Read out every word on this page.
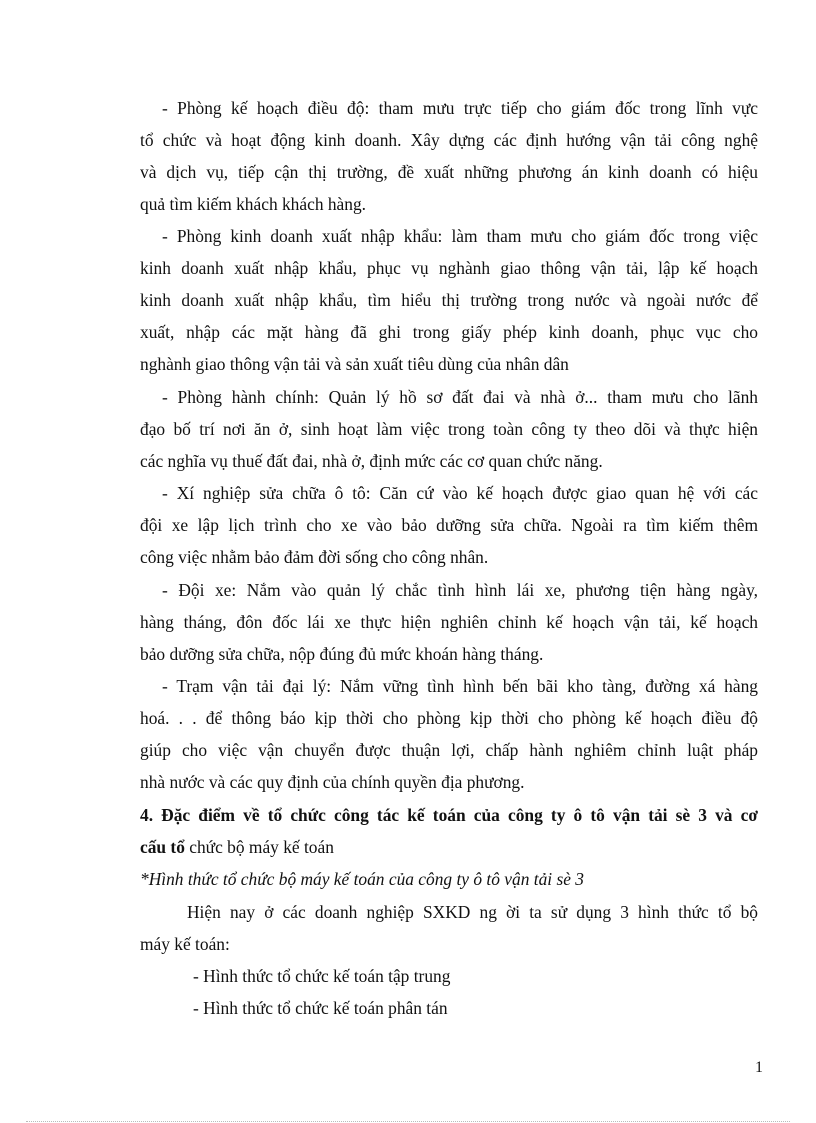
- Phòng kế hoạch điều độ: tham mưu trực tiếp cho giám đốc trong lĩnh vực
tổ chức và hoạt động kinh doanh. Xây dựng các định hướng vận tải công nghệ
và dịch vụ, tiếp cận thị trường, đề xuất những phương án kinh doanh có hiệu
quả tìm kiếm khách khách hàng.
- Phòng kinh doanh xuất nhập khẩu: làm tham mưu cho giám đốc trong việc
kinh doanh xuất nhập khẩu, phục vụ nghành giao thông vận tải, lập kế hoạch
kinh doanh xuất nhập khẩu, tìm hiểu thị trường trong nước và ngoài nước để
xuất, nhập các mặt hàng đã ghi trong giấy phép kinh doanh, phục vục cho
nghành giao thông vận tải và sản xuất tiêu dùng của nhân dân
- Phòng hành chính: Quản lý hồ sơ đất đai và nhà ở... tham mưu cho lãnh
đạo bố trí nơi ăn ở, sinh hoạt làm việc trong toàn công ty theo dõi và thực hiện
các nghĩa vụ thuế đất đai, nhà ở, định mức các cơ quan chức năng.
- Xí nghiệp sửa chữa ô tô: Căn cứ vào kế hoạch được giao quan hệ với các
đội xe lập lịch trình cho xe vào bảo dưỡng sửa chữa. Ngoài ra tìm kiếm thêm
công việc nhằm bảo đảm đời sống cho công nhân.
- Đội xe: Nắm vào quản lý chắc tình hình lái xe, phương tiện hàng ngày,
hàng tháng, đôn đốc lái xe thực hiện nghiên chỉnh kế hoạch vận tải, kế hoạch
bảo dưỡng sửa chữa, nộp đúng đủ mức khoán hàng tháng.
- Trạm vận tải đại lý: Nắm vững tình hình bến bãi kho tàng, đường xá hàng
hoá. . . để thông báo kịp thời cho phòng kịp thời cho phòng kế hoạch điều độ
giúp cho việc vận chuyển được thuận lợi, chấp hành nghiêm chỉnh luật pháp
nhà nước và các quy định của chính quyền địa phương.
4. Đặc điểm về tổ chức công tác kế toán của công ty ô tô vận tải sè 3 và cơ
cấu tổ chức bộ máy kế toán
*Hình thức tổ chức bộ máy kế toán của công ty ô tô vận tải sè 3
Hiện nay ở các doanh nghiệp SXKD ng ời ta sử dụng 3 hình thức tổ bộ
máy kế toán:
- Hình thức tổ chức kế toán tập trung
- Hình thức tổ chức kế toán phân tán
1
